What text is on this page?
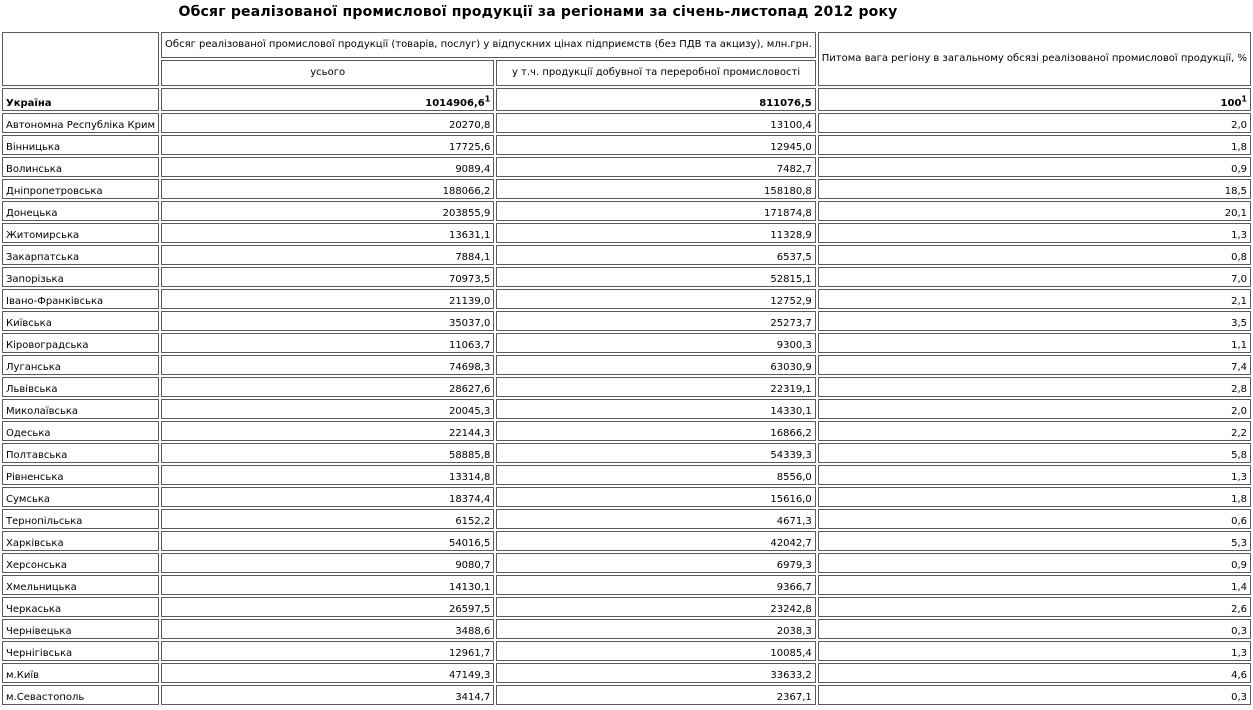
Обсяг реалізованої промислової продукції за регіонами за січень-листопад 2012 року
	Обсяг реалізованої промислової продукції (товарів, послуг) у відпускних цінах підприємств (без ПДВ та акцизу), млн.грн.		Питома вага регіону в загальному обсязі реалізованої промислової продукції, %
	усього	у т.ч. продукції добувної та переробної промисловості	
Україна	1014906,6$^1$	811076,5	$100^1$
Автономна Республіка Крим	20270,8	13100,4	2,0
Вінницька	17725,6	12945,0	1,8
Волинська	9089,4	7482,7	0,9
Дніпропетровська	188066,2	158180,8	18,5
Донецька	203855,9	171874,8	20,1
Житомирська	13631,1	11328,9	1,3
Закарпатська	7884,1	6537,5	0,8
Запорізька	70973,5	52815,1	7,0
Івано-Франківська	21139,0	12752,9	2,1
Київська	35037,0	25273,7	3,5
Кіровоградська	11063,7	9300,3	1,1
Луганська	74698,3	63030,9	7,4
Львівська	28627,6	22319,1	2,8
Миколаївська	20045,3	14330,1	2,0
Одеська	22144,3	16866,2	2,2
Полтавська	58885,8	54339,3	5,8
Рівненська	13314,8	8556,0	1,3
Сумська	18374,4	15616,0	1,8
Тернопільська	6152,2	4671,3	0,6
Харківська	54016,5	42042,7	5,3
Херсонська	9080,7	6979,3	0,9
Хмельницька	14130,1	9366,7	1,4
Черкаська	26597,5	23242,8	2,6
Чернівецька	3488,6	2038,3	0,3
Чернігівська	12961,7	10085,4	1,3
м.Київ	47149,3	33633,2	4,6
м.Севастополь	3414,7	2367,1	0,3
